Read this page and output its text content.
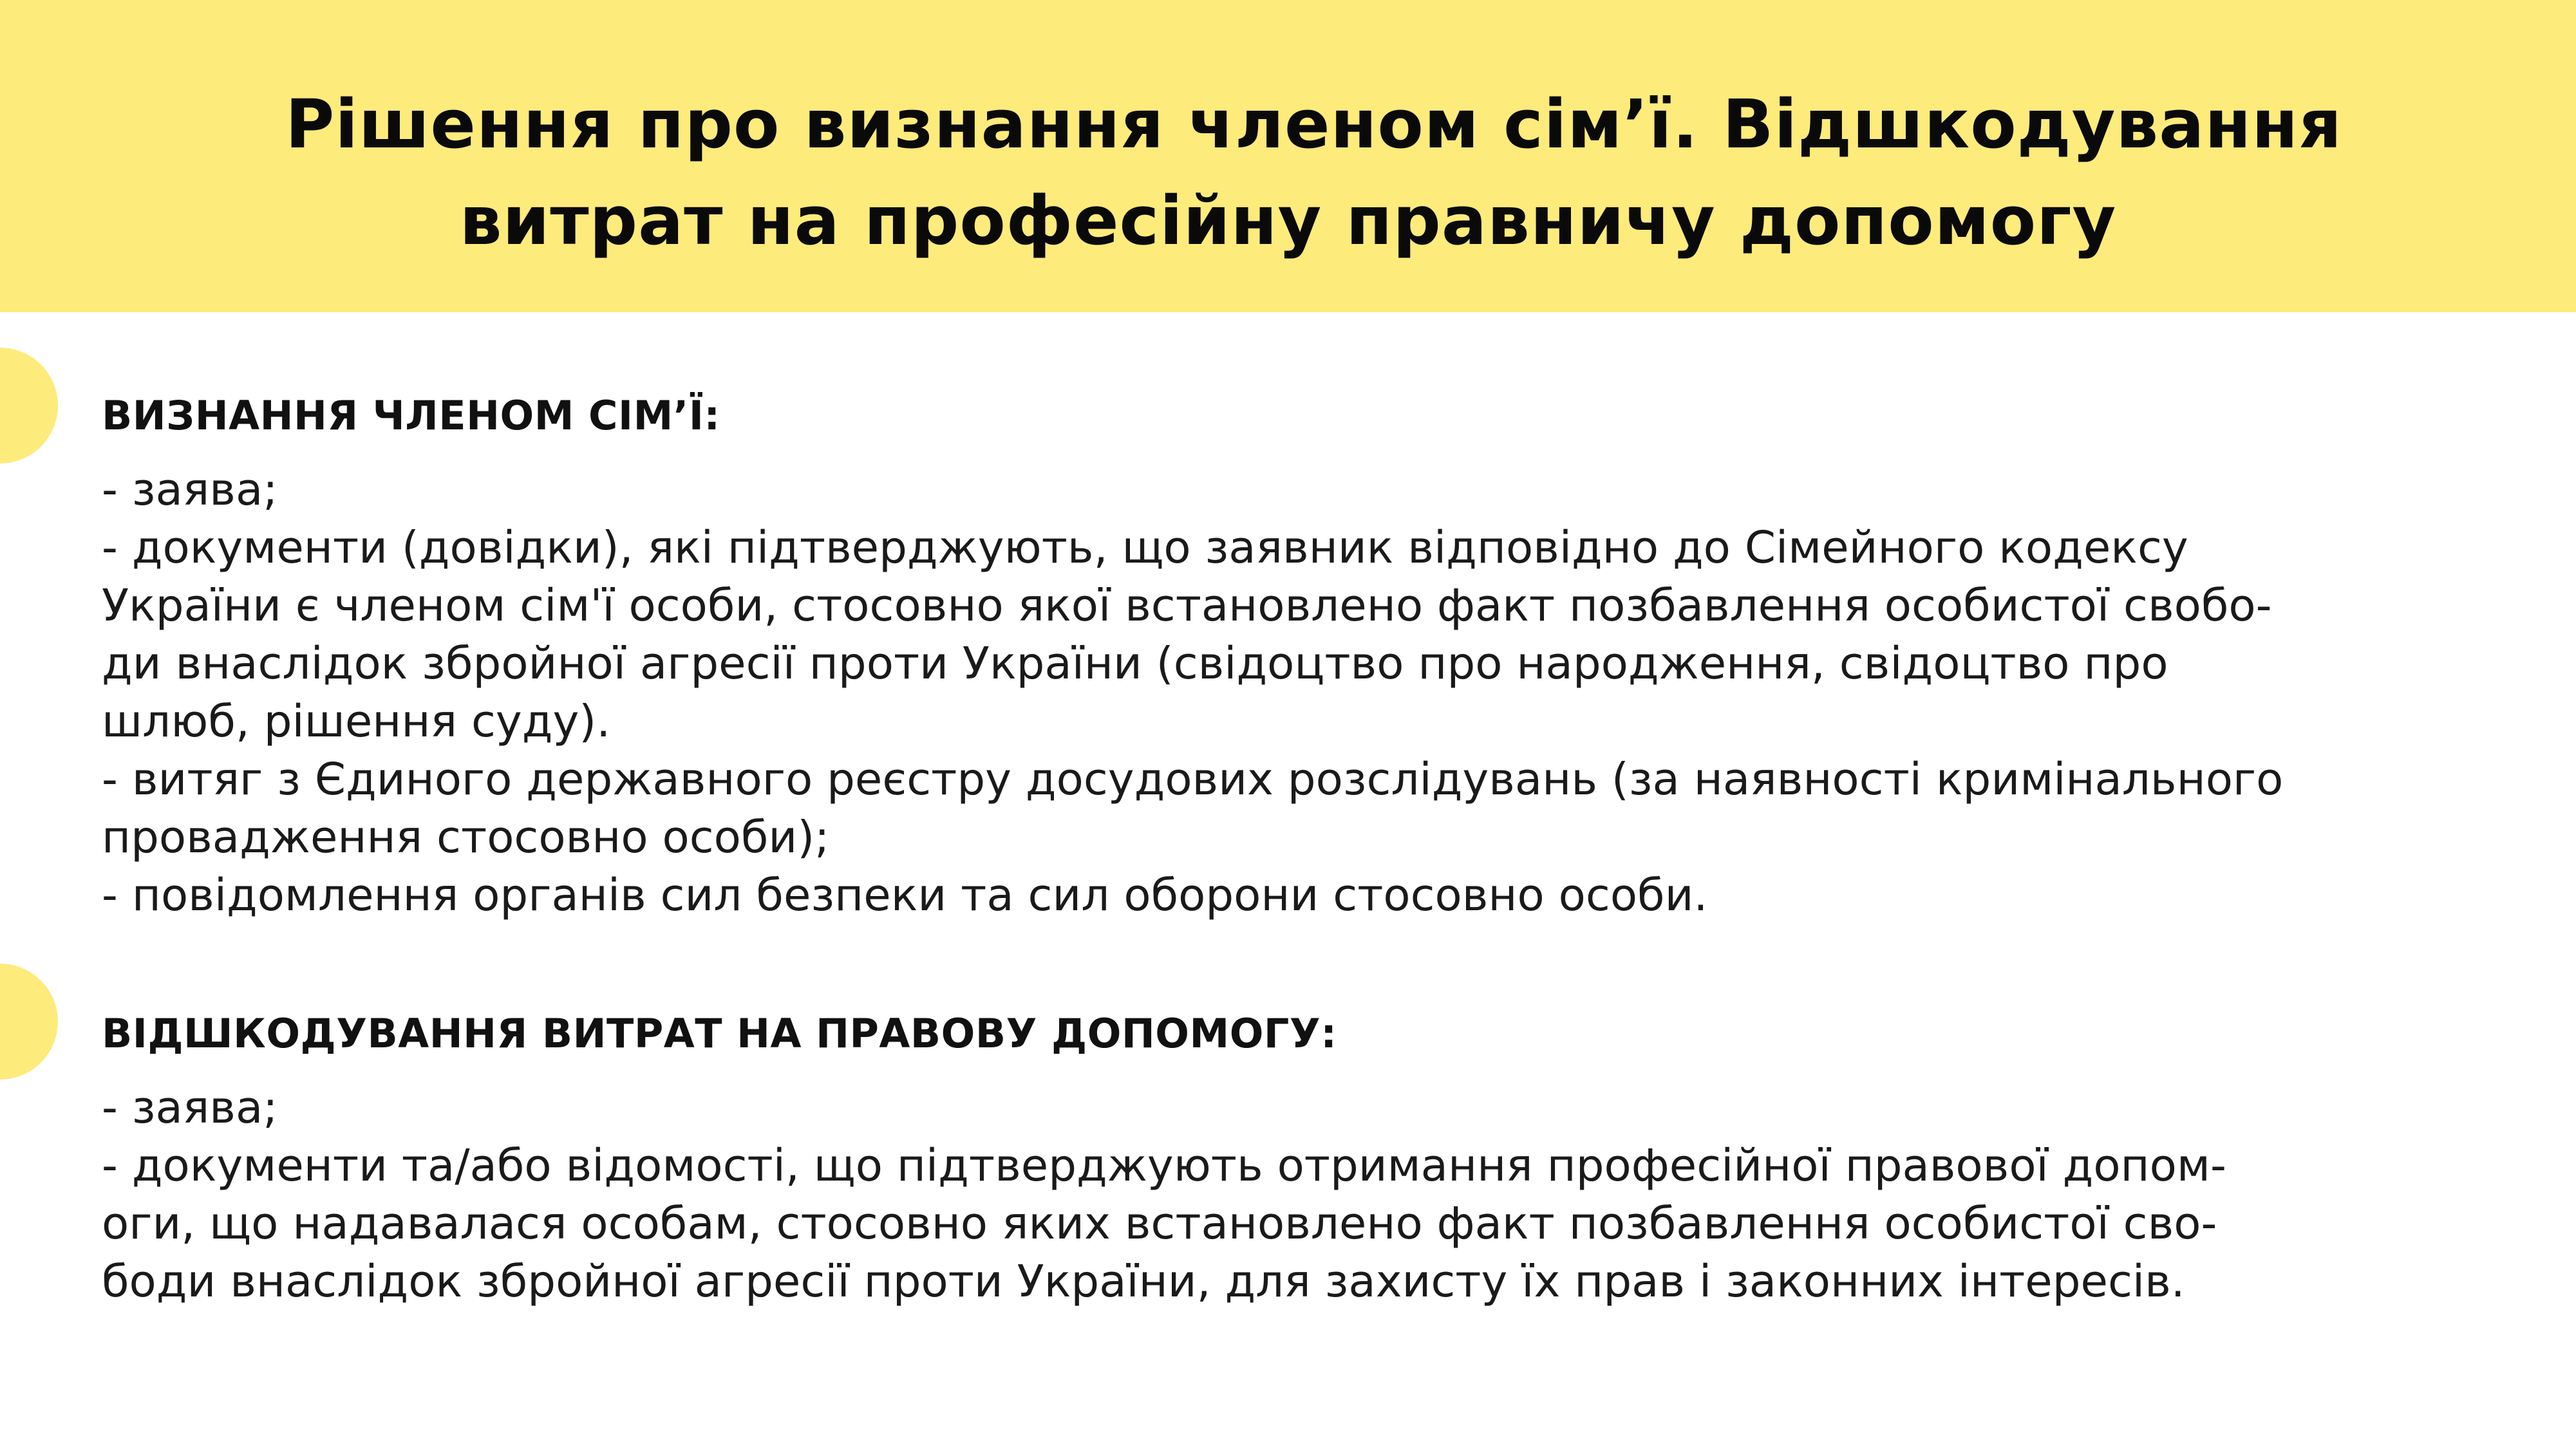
Рішення про визнання членом сім’ї. Відшкодування
витрат на професійну правничу допомогу
ВИЗНАННЯ ЧЛЕНОМ СІМ’Ї:

- заява;

- документи (довідки), які підтверджують, що заявник відповідно до Сімейного кодексу

України є членом сім'ї особи, стосовно якої встановлено факт позбавлення особистої свобо-

ди внаслідок збройної агресії проти України (свідоцтво про народження, свідоцтво про

шлюб, рішення суду).

- витяг з Єдиного державного реєстру досудових розслідувань (за наявності кримінального

провадження стосовно особи);

- повідомлення органів сил безпеки та сил оборони стосовно особи.

ВІДШКОДУВАННЯ ВИТРАТ НА ПРАВОВУ ДОПОМОГУ:

- заява;

- документи та/або відомості, що підтверджують отримання професійної правової допом-

оги, що надавалася особам, стосовно яких встановлено факт позбавлення особистої сво-

боди внаслідок збройної агресії проти України, для захисту їх прав і законних інтересів.
